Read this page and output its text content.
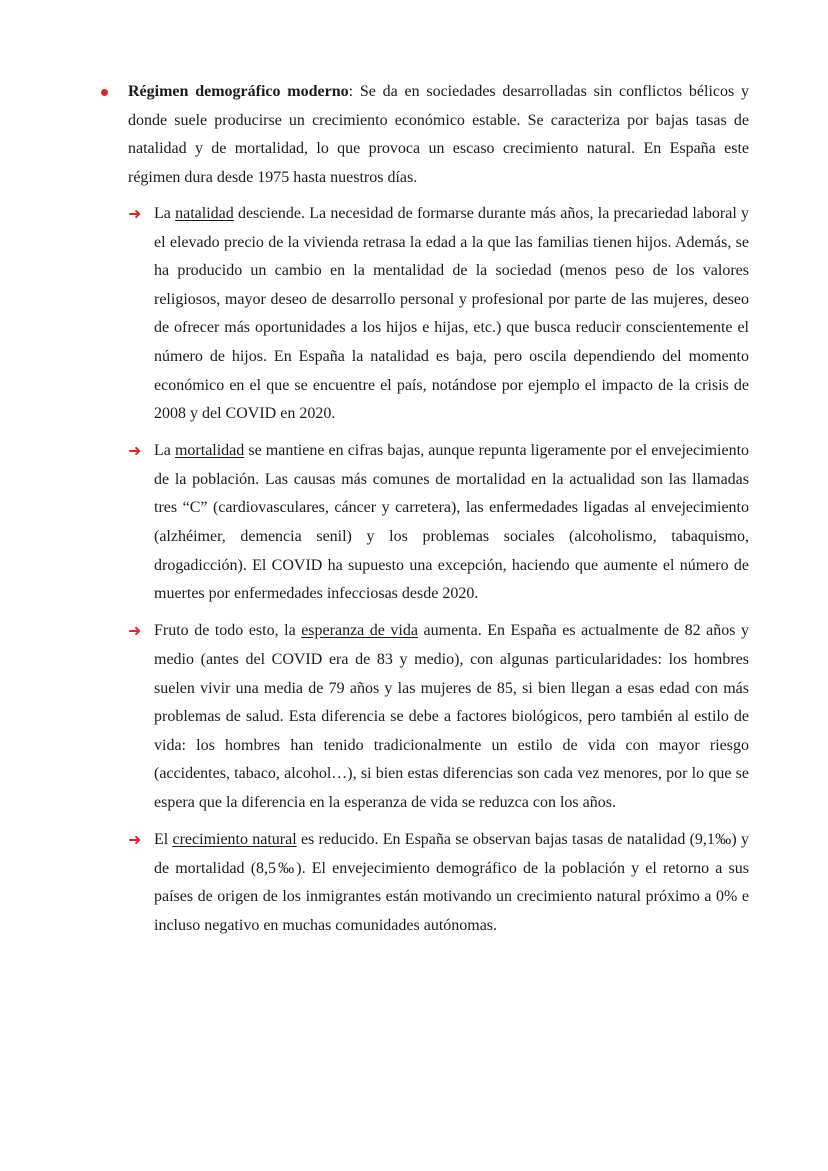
Régimen demográfico moderno: Se da en sociedades desarrolladas sin conflictos bélicos y donde suele producirse un crecimiento económico estable. Se caracteriza por bajas tasas de natalidad y de mortalidad, lo que provoca un escaso crecimiento natural. En España este régimen dura desde 1975 hasta nuestros días.

➜ La natalidad desciende. La necesidad de formarse durante más años, la precariedad laboral y el elevado precio de la vivienda retrasa la edad a la que las familias tienen hijos. Además, se ha producido un cambio en la mentalidad de la sociedad (menos peso de los valores religiosos, mayor deseo de desarrollo personal y profesional por parte de las mujeres, deseo de ofrecer más oportunidades a los hijos e hijas, etc.) que busca reducir conscientemente el número de hijos. En España la natalidad es baja, pero oscila dependiendo del momento económico en el que se encuentre el país, notándose por ejemplo el impacto de la crisis de 2008 y del COVID en 2020.

➜ La mortalidad se mantiene en cifras bajas, aunque repunta ligeramente por el envejecimiento de la población. Las causas más comunes de mortalidad en la actualidad son las llamadas tres “C” (cardiovasculares, cáncer y carretera), las enfermedades ligadas al envejecimiento (alzhéimer, demencia senil) y los problemas sociales (alcoholismo, tabaquismo, drogadicción). El COVID ha supuesto una excepción, haciendo que aumente el número de muertes por enfermedades infecciosas desde 2020.

➜ Fruto de todo esto, la esperanza de vida aumenta. En España es actualmente de 82 años y medio (antes del COVID era de 83 y medio), con algunas particularidades: los hombres suelen vivir una media de 79 años y las mujeres de 85, si bien llegan a esas edad con más problemas de salud. Esta diferencia se debe a factores biológicos, pero también al estilo de vida: los hombres han tenido tradicionalmente un estilo de vida con mayor riesgo (accidentes, tabaco, alcohol…), si bien estas diferencias son cada vez menores, por lo que se espera que la diferencia en la esperanza de vida se reduzca con los años.

➜ El crecimiento natural es reducido. En España se observan bajas tasas de natalidad (9,1‰) y de mortalidad (8,5‰). El envejecimiento demográfico de la población y el retorno a sus países de origen de los inmigrantes están motivando un crecimiento natural próximo a 0% e incluso negativo en muchas comunidades autónomas.
